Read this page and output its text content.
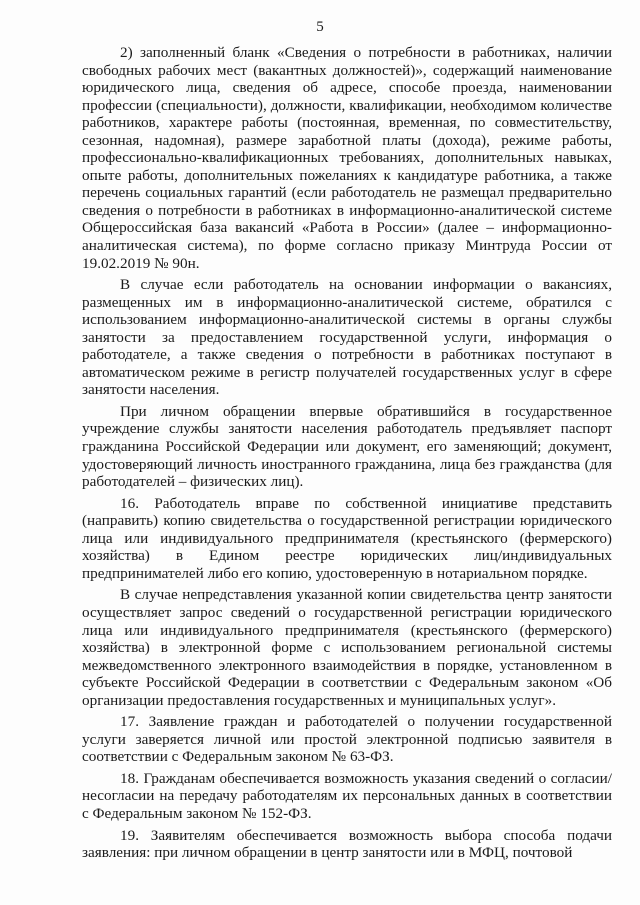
5

2) заполненный бланк «Сведения о потребности в работниках, наличии свободных рабочих мест (вакантных должностей)», содержащий наименование юридического лица, сведения об адресе, способе проезда, наименовании профессии (специальности), должности, квалификации, необходимом количестве работников, характере работы (постоянная, временная, по совместительству, сезонная, надомная), размере заработной платы (дохода), режиме работы, профессионально-квалификационных требованиях, дополнительных навыках, опыте работы, дополнительных пожеланиях к кандидатуре работника, а также перечень социальных гарантий (если работодатель не размещал предварительно сведения о потребности в работниках в информационно-аналитической системе Общероссийская база вакансий «Работа в России» (далее – информационно-аналитическая система), по форме согласно приказу Минтруда России от 19.02.2019 № 90н.

В случае если работодатель на основании информации о вакансиях, размещенных им в информационно-аналитической системе, обратился с использованием информационно-аналитической системы в органы службы занятости за предоставлением государственной услуги, информация о работодателе, а также сведения о потребности в работниках поступают в автоматическом режиме в регистр получателей государственных услуг в сфере занятости населения.

При личном обращении впервые обратившийся в государственное учреждение службы занятости населения работодатель предъявляет паспорт гражданина Российской Федерации или документ, его заменяющий; документ, удостоверяющий личность иностранного гражданина, лица без гражданства (для работодателей – физических лиц).

16. Работодатель вправе по собственной инициативе представить (направить) копию свидетельства о государственной регистрации юридического лица или индивидуального предпринимателя (крестьянского (фермерского) хозяйства) в Едином реестре юридических лиц/индивидуальных предпринимателей либо его копию, удостоверенную в нотариальном порядке.

В случае непредставления указанной копии свидетельства центр занятости осуществляет запрос сведений о государственной регистрации юридического лица или индивидуального предпринимателя (крестьянского (фермерского) хозяйства) в электронной форме с использованием региональной системы межведомственного электронного взаимодействия в порядке, установленном в субъекте Российской Федерации в соответствии с Федеральным законом «Об организации предоставления государственных и муниципальных услуг».

17. Заявление граждан и работодателей о получении государственной услуги заверяется личной или простой электронной подписью заявителя в соответствии с Федеральным законом № 63-ФЗ.

18. Гражданам обеспечивается возможность указания сведений о согласии/несогласии на передачу работодателям их персональных данных в соответствии с Федеральным законом № 152-ФЗ.

19. Заявителям обеспечивается возможность выбора способа подачи заявления: при личном обращении в центр занятости или в МФЦ, почтовой
